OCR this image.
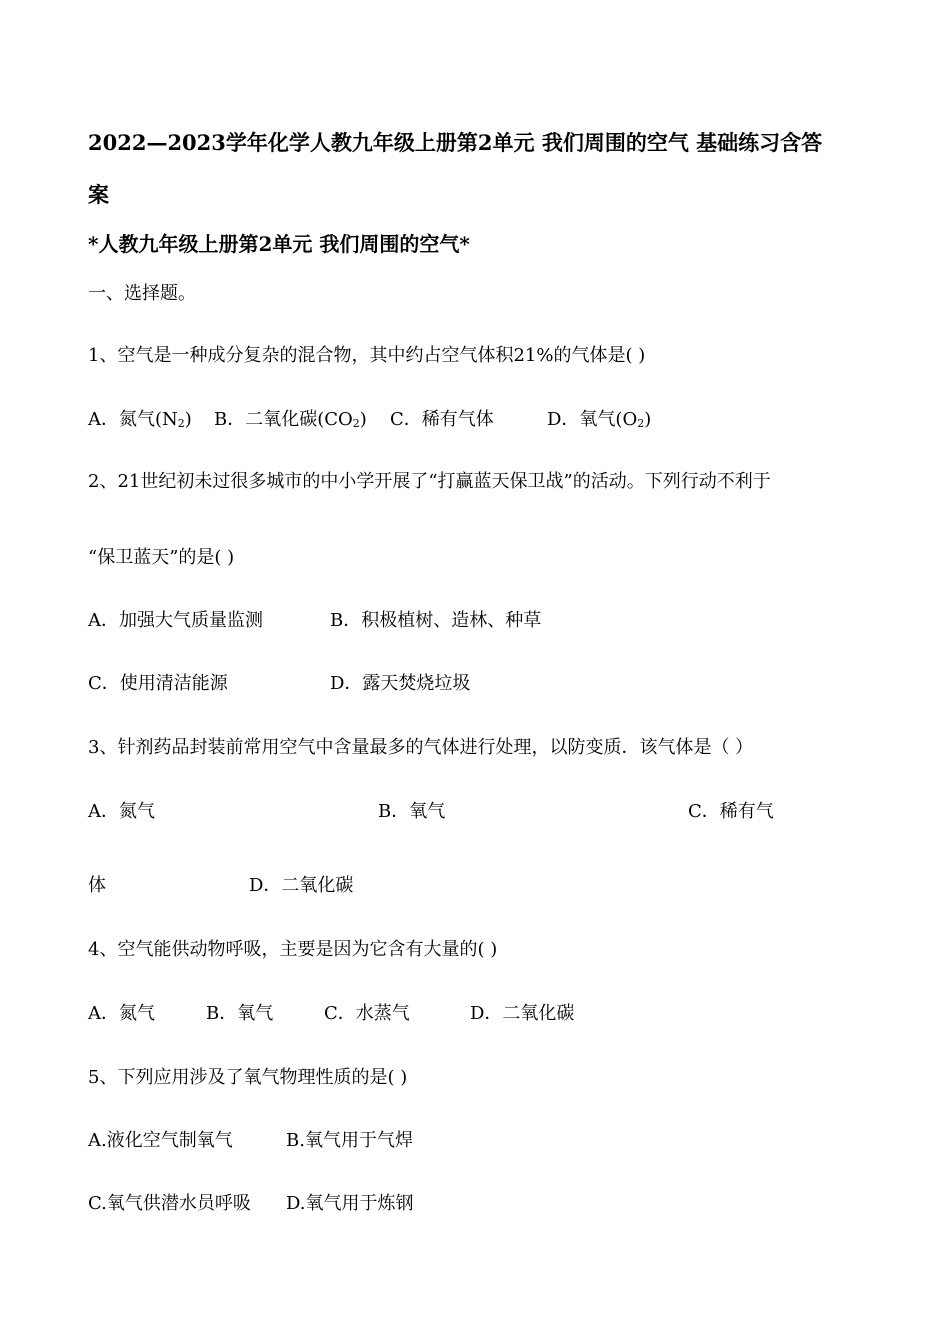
2022—2023学年化学人教九年级上册第2单元 我们周围的空气 基础练习含答
案
*人教九年级上册第2单元 我们周围的空气*
一、选择题。
1、空气是一种成分复杂的混合物，其中约占空气体积21%的气体是( )
A．氮气$(N_2)$ B．二氧化碳$(CO_2)$ C．稀有气体	D．氧气$(O_2)$
2、21世纪初未过很多城市的中小学开展了“打赢蓝天保卫战”的活动。下列行动不利于
“保卫蓝天”的是( )
A．加强大气质量监测	B．积极植树、造林、种草
C．使用清洁能源	D．露天焚烧垃圾
3、针剂药品封装前常用空气中含量最多的气体进行处理，以防变质．该气体是（ ）
A．氮气	B．氧气	C．稀有气
体	D．二氧化碳
4、空气能供动物呼吸，主要是因为它含有大量的( )
A．氮气	B．氧气	C．水蒸气	D．二氧化碳
5、下列应用涉及了氧气物理性质的是( )
A.液化空气制氧气	B.氧气用于气焊
C.氧气供潜水员呼吸 D.氧气用于炼钢
